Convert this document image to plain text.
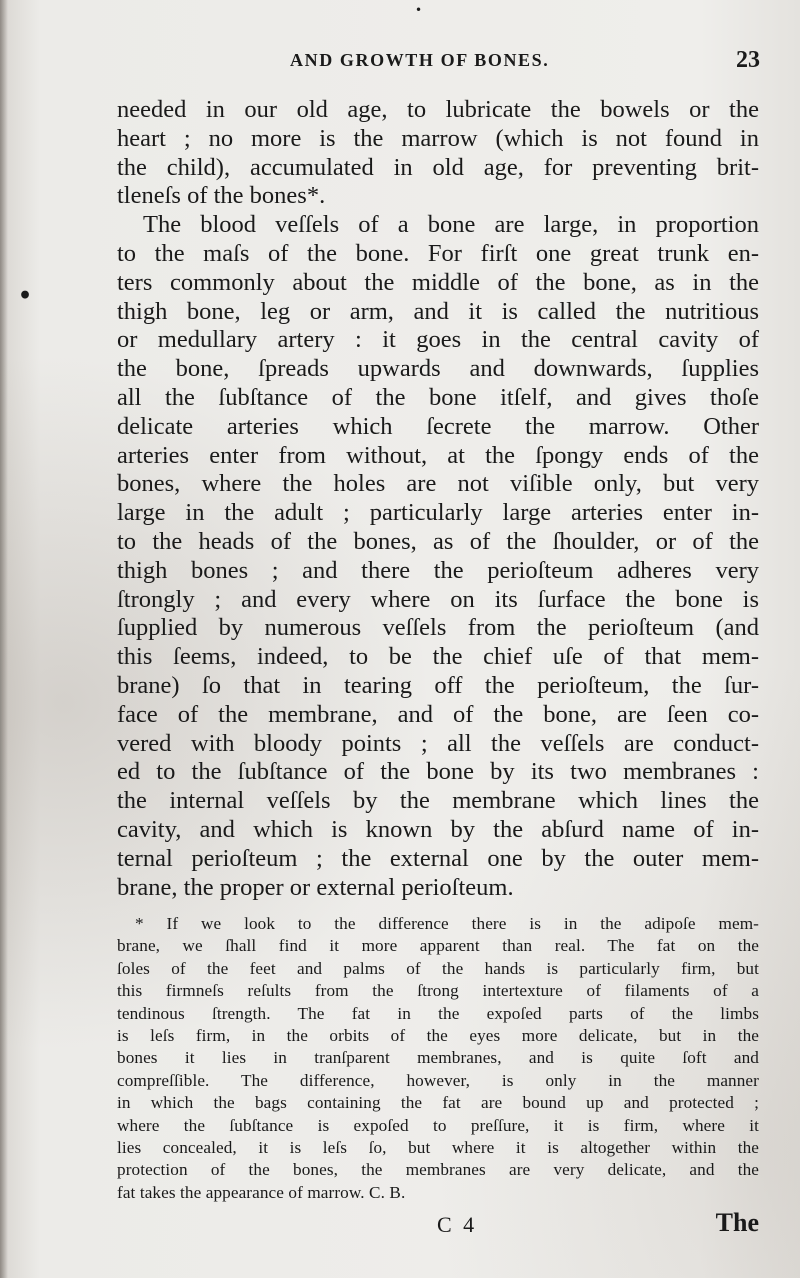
•
•
AND GROWTH OF BONES.	23

needed in our old age, to lubricate the bowels or the
heart ; no more is the marrow (which is not found in
the child), accumulated in old age, for preventing brit-
tleneſs of the bones*.

The blood veſſels of a bone are large, in proportion
to the maſs of the bone. For firſt one great trunk en-
ters commonly about the middle of the bone, as in the
thigh bone, leg or arm, and it is called the nutritious
or medullary artery : it goes in the central cavity of
the bone, ſpreads upwards and downwards, ſupplies
all the ſubſtance of the bone itſelf, and gives thoſe
delicate arteries which ſecrete the marrow. Other
arteries enter from without, at the ſpongy ends of the
bones, where the holes are not viſible only, but very
large in the adult ; particularly large arteries enter in-
to the heads of the bones, as of the ſhoulder, or of the
thigh bones ; and there the perioſteum adheres very
ſtrongly ; and every where on its ſurface the bone is
ſupplied by numerous veſſels from the perioſteum (and
this ſeems, indeed, to be the chief uſe of that mem-
brane) ſo that in tearing off the perioſteum, the ſur-
face of the membrane, and of the bone, are ſeen co-
vered with bloody points ; all the veſſels are conduct-
ed to the ſubſtance of the bone by its two membranes :
the internal veſſels by the membrane which lines the
cavity, and which is known by the abſurd name of in-
ternal perioſteum ; the external one by the outer mem-
brane, the proper or external perioſteum.

* If we look to the difference there is in the adipoſe mem-
brane, we ſhall find it more apparent than real. The fat on the
ſoles of the feet and palms of the hands is particularly firm, but
this firmneſs reſults from the ſtrong intertexture of filaments of a
tendinous ſtrength. The fat in the expoſed parts of the limbs
is leſs firm, in the orbits of the eyes more delicate, but in the
bones it lies in tranſparent membranes, and is quite ſoft and
compreſſible. The difference, however, is only in the manner
in which the bags containing the fat are bound up and protected ;
where the ſubſtance is expoſed to preſſure, it is firm, where it
lies concealed, it is leſs ſo, but where it is altogether within the
protection of the bones, the membranes are very delicate, and the
fat takes the appearance of marrow. C. B.
C 4	The
